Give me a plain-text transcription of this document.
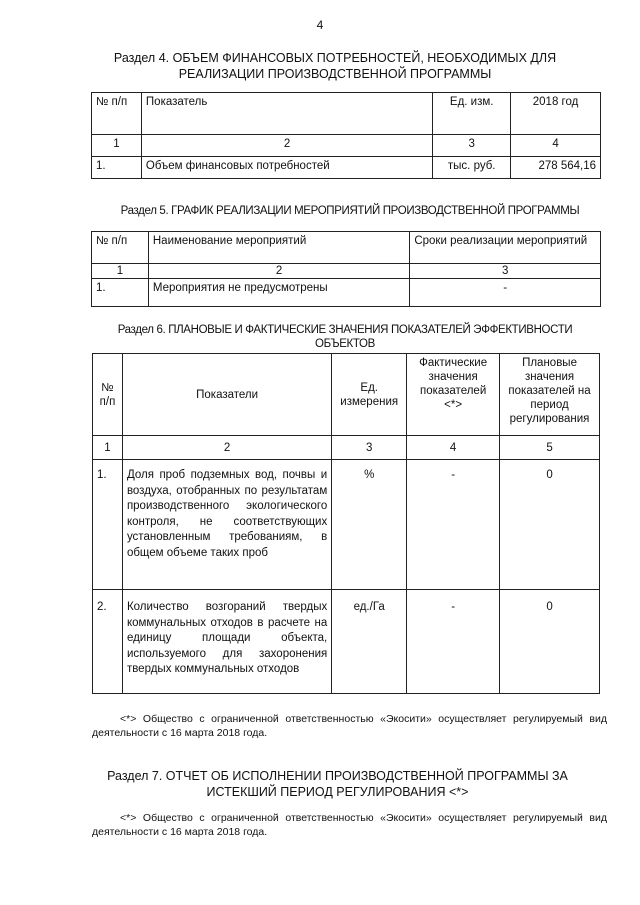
4
Раздел 4. ОБЪЕМ ФИНАНСОВЫХ ПОТРЕБНОСТЕЙ, НЕОБХОДИМЫХ ДЛЯ
РЕАЛИЗАЦИИ ПРОИЗВОДСТВЕННОЙ ПРОГРАММЫ
№ п/п	Показатель	Ед. изм.	2018 год
1	2	3	4
1.	Объем финансовых потребностей	тыс. руб.	278 564,16
Раздел 5. ГРАФИК РЕАЛИЗАЦИИ МЕРОПРИЯТИЙ ПРОИЗВОДСТВЕННОЙ ПРОГРАММЫ
№ п/п	Наименование мероприятий	Сроки реализации мероприятий
1	2	3
1.	Мероприятия не предусмотрены	-
Раздел 6. ПЛАНОВЫЕ И ФАКТИЧЕСКИЕ ЗНАЧЕНИЯ ПОКАЗАТЕЛЕЙ ЭФФЕКТИВНОСТИ
ОБЪЕКТОВ
№ п/п	Показатели	Ед. измерения	Фактические значения показателей <*>	Плановые значения показателей на период регулирования
1	2	3	4	5
1.	Доля проб подземных вод, почвы и воздуха, отобранных по результатам производственного экологического контроля, не соответствующих установленным требованиям, в общем объеме таких проб	%	-	0
2.	Количество возгораний твердых коммунальных отходов в расчете на единицу площади объекта, используемого для захоронения твердых коммунальных отходов	ед./Га	-	0
<*> Общество с ограниченной ответственностью «Экосити» осуществляет регулируемый вид деятельности с 16 марта 2018 года.
Раздел 7. ОТЧЕТ ОБ ИСПОЛНЕНИИ ПРОИЗВОДСТВЕННОЙ ПРОГРАММЫ ЗА
ИСТЕКШИЙ ПЕРИОД РЕГУЛИРОВАНИЯ <*>
<*> Общество с ограниченной ответственностью «Экосити» осуществляет регулируемый вид деятельности с 16 марта 2018 года.
